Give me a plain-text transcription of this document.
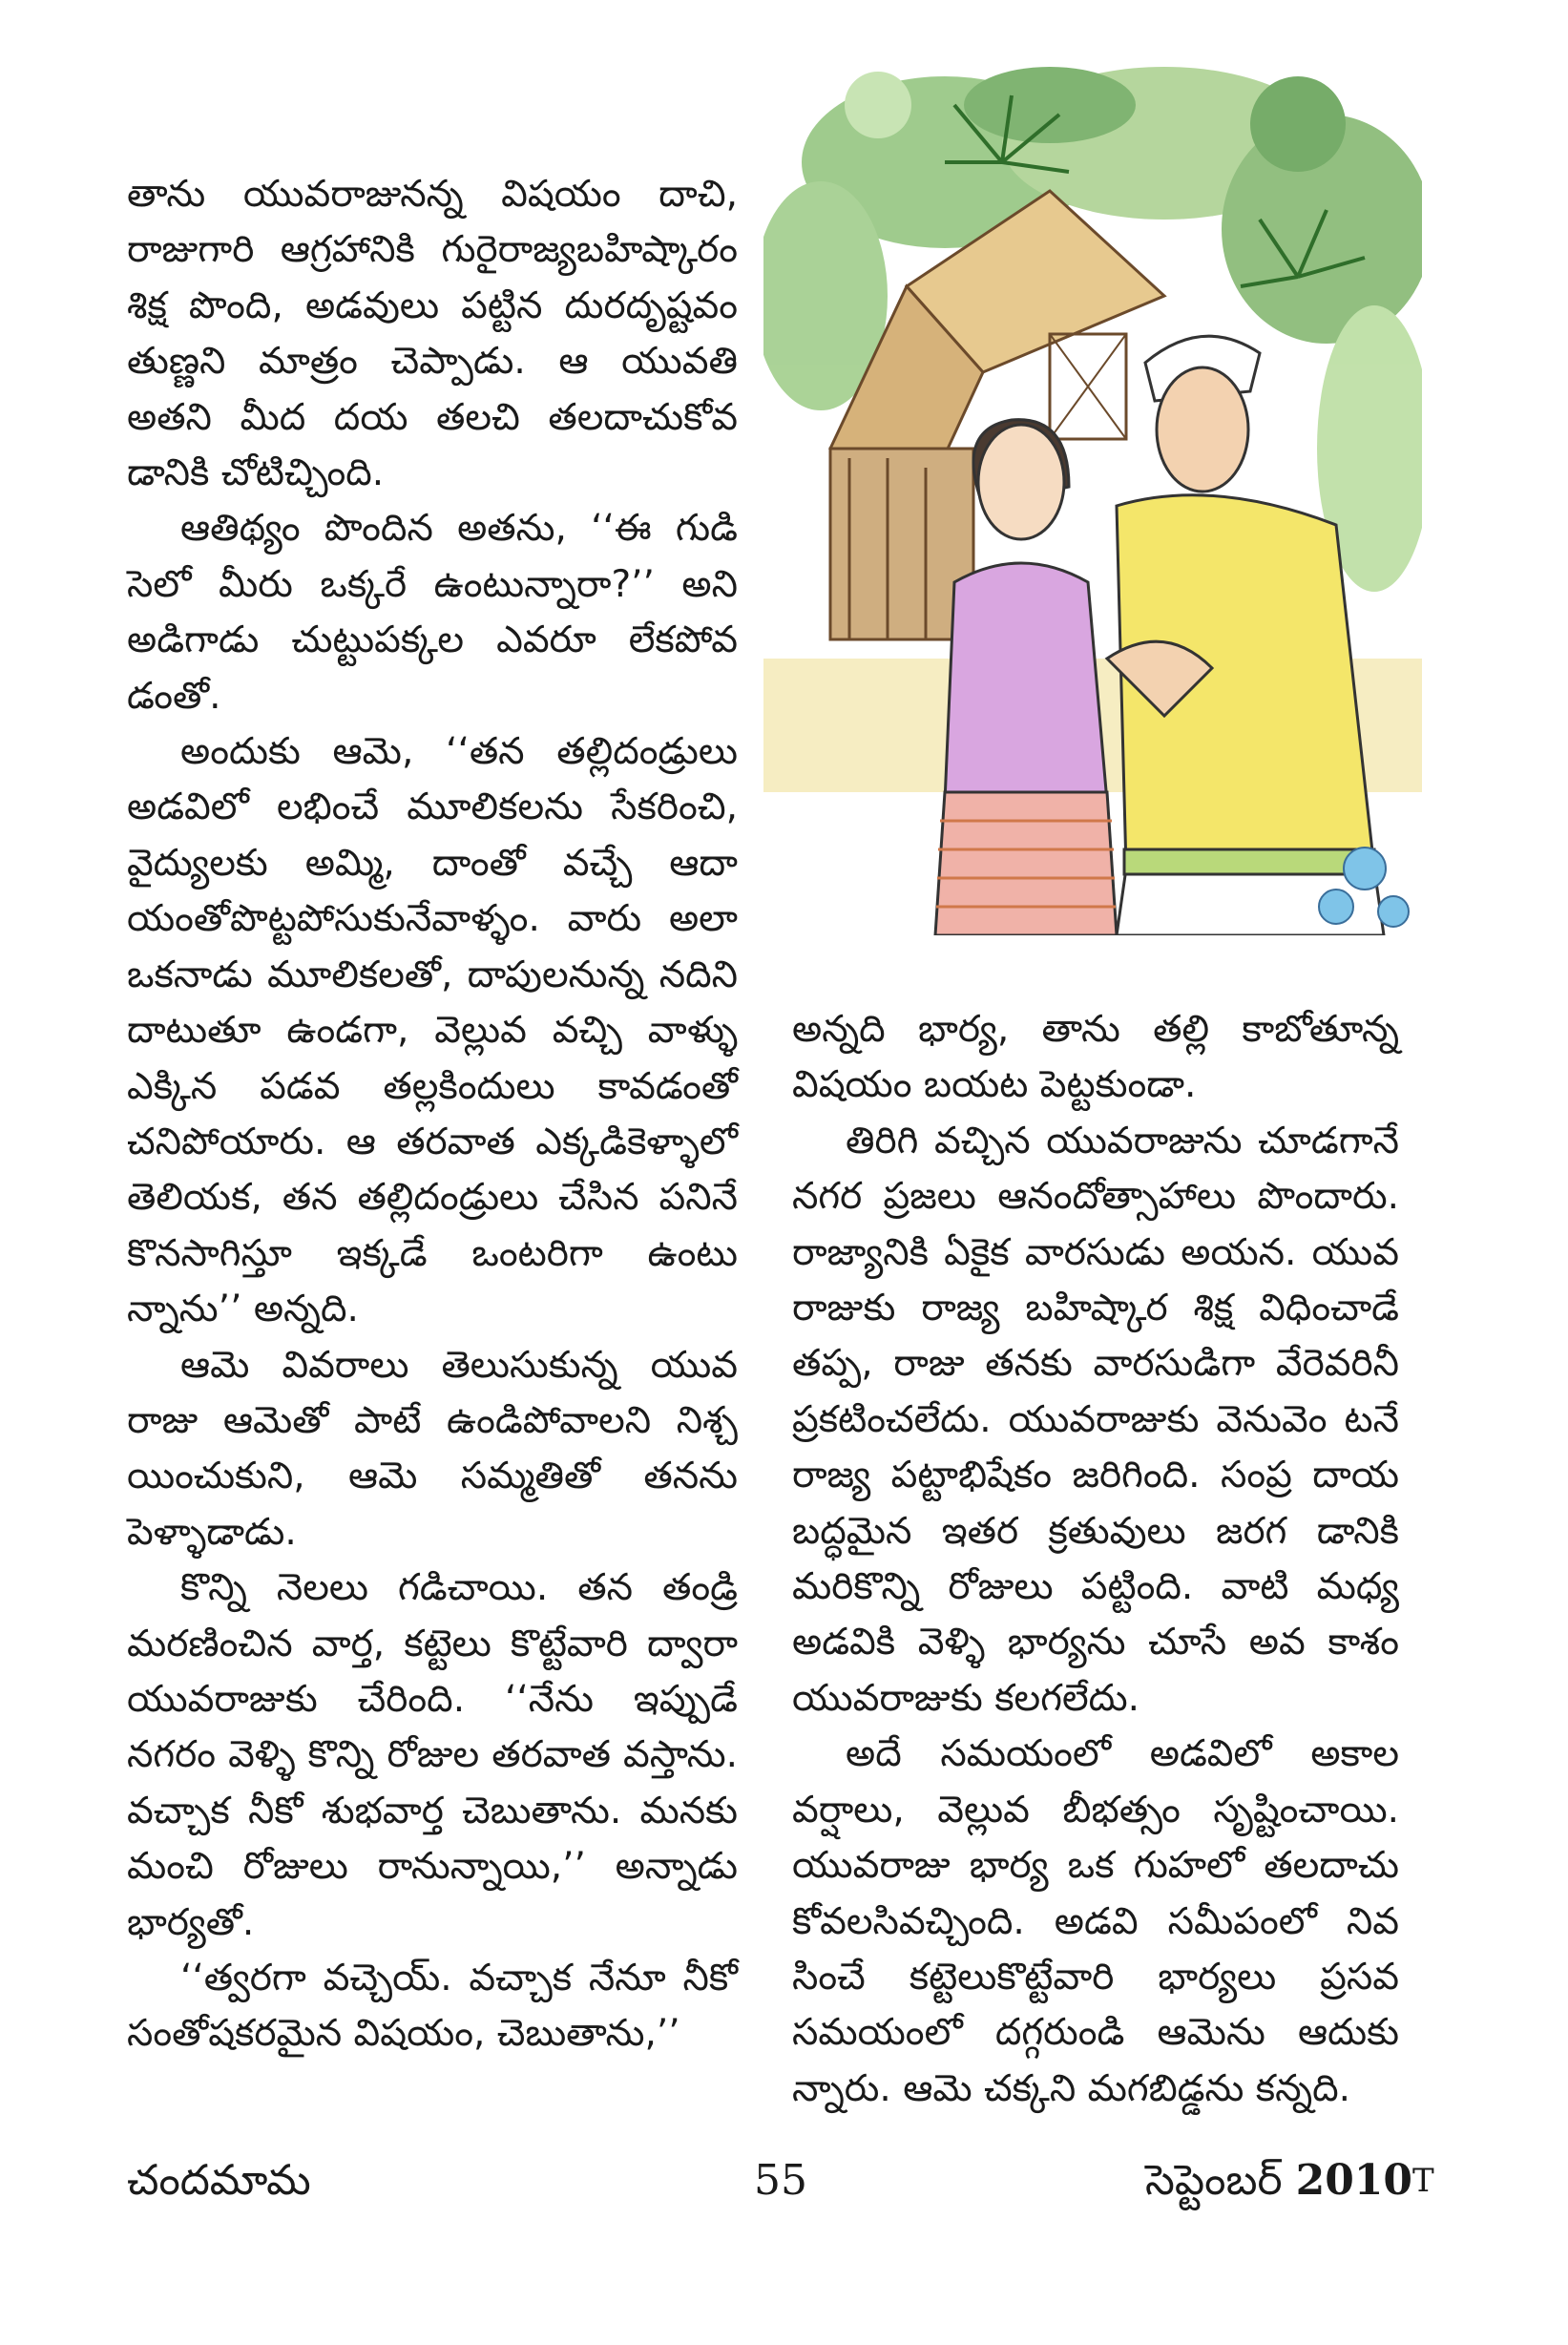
తాను యువరాజునన్న విషయం దాచి, రాజుగారి ఆగ్రహానికి గురైరాజ్యబహిష్కారం శిక్ష పొంది, అడవులు పట్టిన దురదృష్టవం తుణ్ణని మాత్రం చెప్పాడు. ఆ యువతి అతని మీద దయ తలచి తలదాచుకోవ డానికి చోటిచ్చింది.

ఆతిథ్యం పొందిన అతను, ‘‘ఈ గుడి సెలో మీరు ఒక్కరే ఉంటున్నారా?’’ అని అడిగాడు చుట్టుపక్కల ఎవరూ లేకపోవ డంతో.

అందుకు ఆమె, ‘‘తన తల్లిదండ్రులు అడవిలో లభించే మూలికలను సేకరించి, వైద్యులకు అమ్మి, దాంతో వచ్చే ఆదా యంతోపొట్టపోసుకునేవాళ్ళం. వారు అలా ఒకనాడు మూలికలతో, దాపులనున్న నదిని దాటుతూ ఉండగా, వెల్లువ వచ్చి వాళ్ళు ఎక్కిన పడవ తల్లకిందులు కావడంతో చనిపోయారు. ఆ తరవాత ఎక్కడికెళ్ళాలో తెలియక, తన తల్లిదండ్రులు చేసిన పనినే కొనసాగిస్తూ ఇక్కడే ఒంటరిగా ఉంటు న్నాను’’ అన్నది.

ఆమె వివరాలు తెలుసుకున్న యువ రాజు ఆమెతో పాటే ఉండిపోవాలని నిశ్చ యించుకుని, ఆమె సమ్మతితో తనను పెళ్ళాడాడు.

కొన్ని నెలలు గడిచాయి. తన తండ్రి మరణించిన వార్త, కట్టెలు కొట్టేవారి ద్వారా యువరాజుకు చేరింది. ‘‘నేను ఇప్పుడే నగరం వెళ్ళి కొన్ని రోజుల తరవాత వస్తాను. వచ్చాక నీకో శుభవార్త చెబుతాను. మనకు మంచి రోజులు రానున్నాయి,’’ అన్నాడు భార్యతో.

‘‘త్వరగా వచ్చెయ్. వచ్చాక నేనూ నీకో సంతోషకరమైన విషయం, చెబుతాను,’’

అన్నది భార్య, తాను తల్లి కాబోతూన్న విషయం బయట పెట్టకుండా.

తిరిగి వచ్చిన యువరాజును చూడగానే నగర ప్రజలు ఆనందోత్సాహాలు పొందారు. రాజ్యానికి ఏకైక వారసుడు అయన. యువ రాజుకు రాజ్య బహిష్కార శిక్ష విధించాడే తప్ప, రాజు తనకు వారసుడిగా వేరెవరినీ ప్రకటించలేదు. యువరాజుకు వెనువెం టనే రాజ్య పట్టాభిషేకం జరిగింది. సంప్ర దాయ బద్ధమైన ఇతర క్రతువులు జరగ డానికి మరికొన్ని రోజులు పట్టింది. వాటి మధ్య అడవికి వెళ్ళి భార్యను చూసే అవ కాశం యువరాజుకు కలగలేదు.

అదే సమయంలో అడవిలో అకాల వర్షాలు, వెల్లువ బీభత్సం సృష్టించాయి. యువరాజు భార్య ఒక గుహలో తలదాచు కోవలసివచ్చింది. అడవి సమీపంలో నివ సించే కట్టెలుకొట్టేవారి భార్యలు ప్రసవ సమయంలో దగ్గరుండి ఆమెను ఆదుకు న్నారు. ఆమె చక్కని మగబిడ్డను కన్నది.

చందమామ	55	సెప్టెంబర్ $2010^T$
